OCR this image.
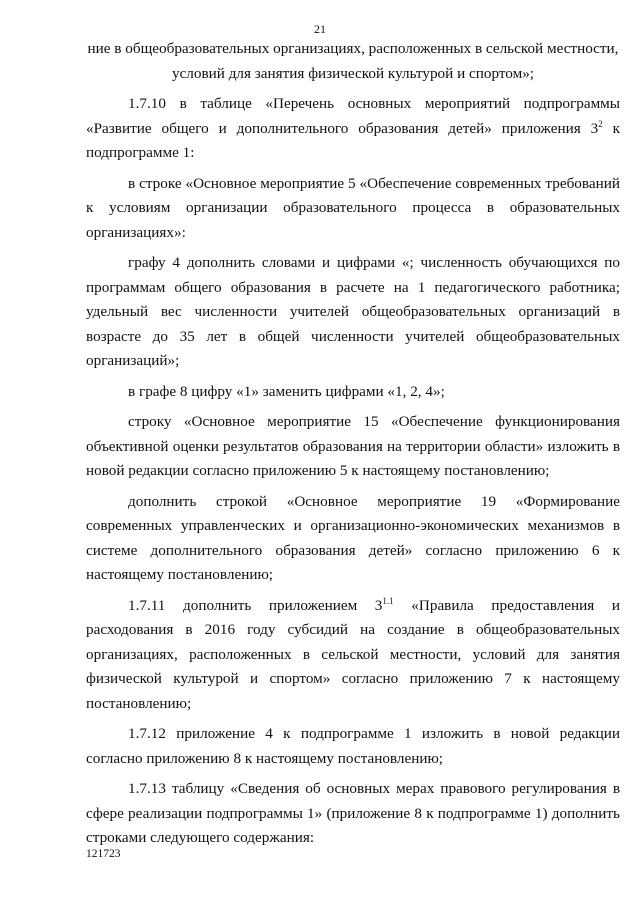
21

ние в общеобразовательных организациях, расположенных в сельской местности, условий для занятия физической культурой и спортом»;

1.7.10 в таблице «Перечень основных мероприятий подпрограммы «Развитие общего и дополнительного образования детей» приложения $3^2$ к подпрограмме 1:

в строке «Основное мероприятие 5 «Обеспечение современных требований к условиям организации образовательного процесса в образовательных организациях»:

графу 4 дополнить словами и цифрами «; численность обучающихся по программам общего образования в расчете на 1 педагогического работника; удельный вес численности учителей общеобразовательных организаций в возрасте до 35 лет в общей численности учителей общеобразовательных организаций»;

в графе 8 цифру «1» заменить цифрами «1, 2, 4»;

строку «Основное мероприятие 15 «Обеспечение функционирования объективной оценки результатов образования на территории области» изложить в новой редакции согласно приложению 5 к настоящему постановлению;

дополнить строкой «Основное мероприятие 19 «Формирование современных управленческих и организационно-экономических механизмов в системе дополнительного образования детей» согласно приложению 6 к настоящему постановлению;

1.7.11 дополнить приложением $3^{1.1}$ «Правила предоставления и расходования в 2016 году субсидий на создание в общеобразовательных организациях, расположенных в сельской местности, условий для занятия физической культурой и спортом» согласно приложению 7 к настоящему постановлению;

1.7.12 приложение 4 к подпрограмме 1 изложить в новой редакции согласно приложению 8 к настоящему постановлению;

1.7.13 таблицу «Сведения об основных мерах правового регулирования в сфере реализации подпрограммы 1» (приложение 8 к подпрограмме 1) дополнить строками следующего содержания:

121723
